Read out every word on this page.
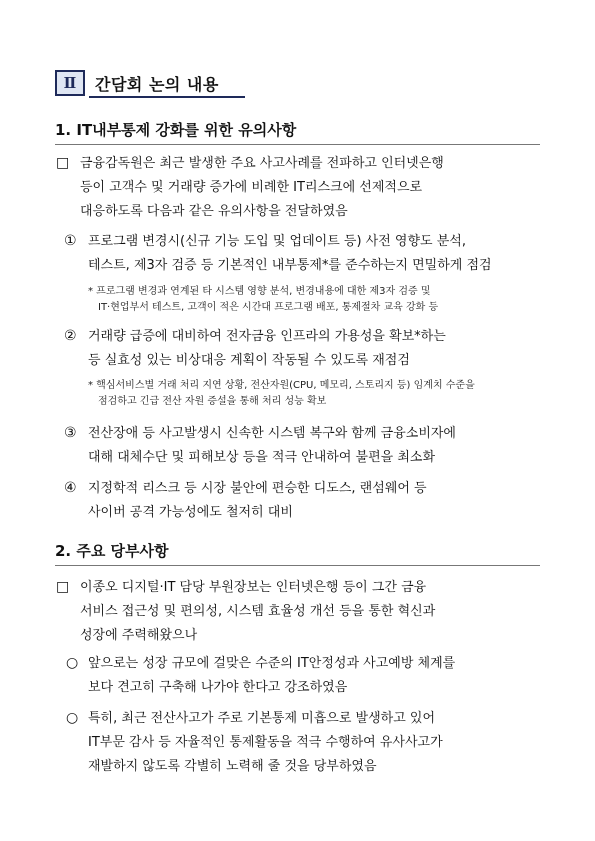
Ⅱ	간담회 논의 내용
1. IT내부통제 강화를 위한 유의사항
□ 금융감독원은 최근 발생한 주요 사고사례를 전파하고 인터넷은행
등이 고객수 및 거래량 증가에 비례한 IT리스크에 선제적으로
대응하도록 다음과 같은 유의사항을 전달하였음
① 프로그램 변경시(신규 기능 도입 및 업데이트 등) 사전 영향도 분석,
테스트, 제3자 검증 등 기본적인 내부통제*를 준수하는지 면밀하게 점검
* 프로그램 변경과 연계된 타 시스템 영향 분석, 변경내용에 대한 제3자 검증 및
IT·현업부서 테스트, 고객이 적은 시간대 프로그램 배포, 통제절차 교육 강화 등
② 거래량 급증에 대비하여 전자금융 인프라의 가용성을 확보*하는
등 실효성 있는 비상대응 계획이 작동될 수 있도록 재점검
* 핵심서비스별 거래 처리 지연 상황, 전산자원(CPU, 메모리, 스토리지 등) 임계치 수준을
점검하고 긴급 전산 자원 증설을 통해 처리 성능 확보
③ 전산장애 등 사고발생시 신속한 시스템 복구와 함께 금융소비자에
대해 대체수단 및 피해보상 등을 적극 안내하여 불편을 최소화
④ 지정학적 리스크 등 시장 불안에 편승한 디도스, 랜섬웨어 등
사이버 공격 가능성에도 철저히 대비
2. 주요 당부사항
□ 이종오 디지털·IT 담당 부원장보는 인터넷은행 등이 그간 금융
서비스 접근성 및 편의성, 시스템 효율성 개선 등을 통한 혁신과
성장에 주력해왔으나
○ 앞으로는 성장 규모에 걸맞은 수준의 IT안정성과 사고예방 체계를
보다 견고히 구축해 나가야 한다고 강조하였음
○ 특히, 최근 전산사고가 주로 기본통제 미흡으로 발생하고 있어
IT부문 감사 등 자율적인 통제활동을 적극 수행하여 유사사고가
재발하지 않도록 각별히 노력해 줄 것을 당부하였음
